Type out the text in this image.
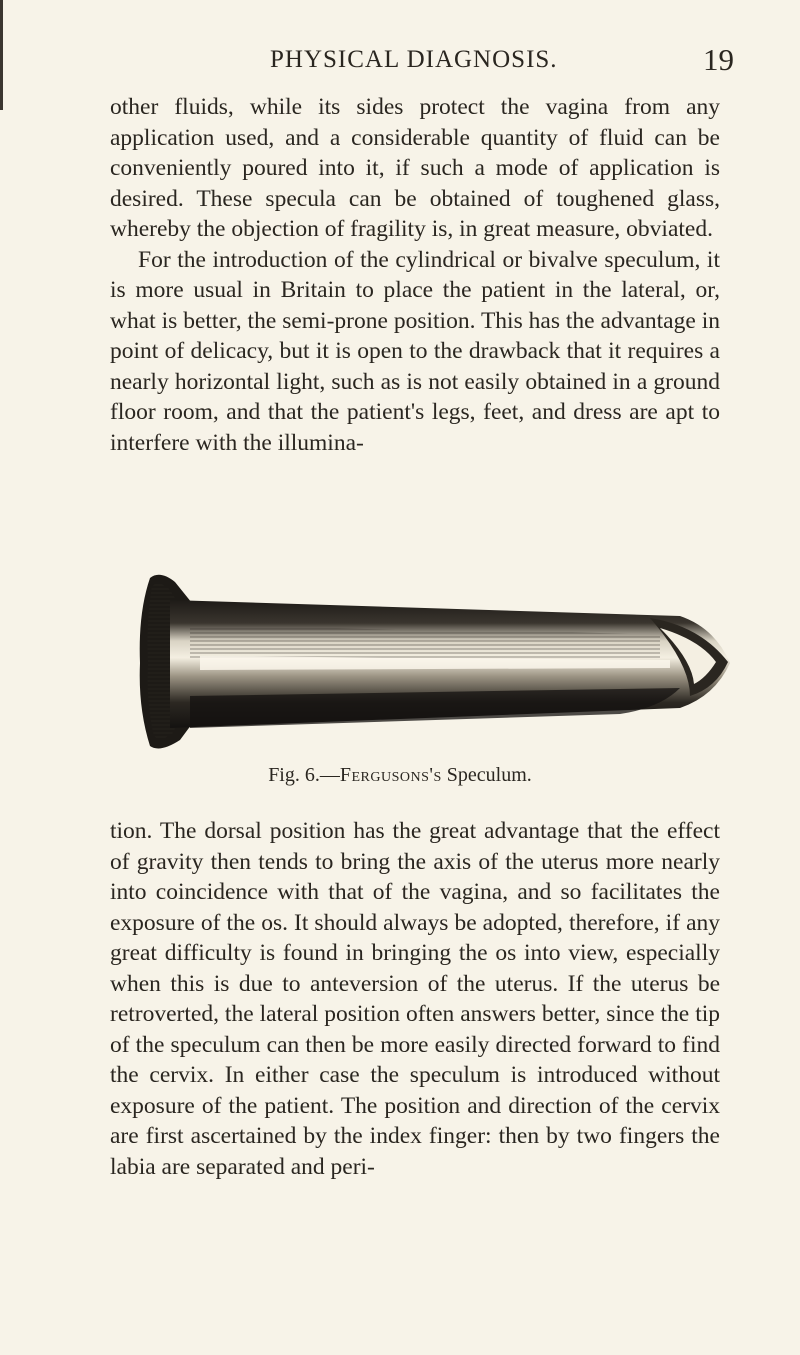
PHYSICAL DIAGNOSIS.	19

other fluids, while its sides protect the vagina from any application used, and a considerable quantity of fluid can be conveniently poured into it, if such a mode of application is desired. These specula can be obtained of toughened glass, whereby the objection of fragility is, in great measure, obviated.

For the introduction of the cylindrical or bivalve speculum, it is more usual in Britain to place the patient in the lateral, or, what is better, the semi-prone position. This has the advantage in point of delicacy, but it is open to the drawback that it requires a nearly horizontal light, such as is not easily obtained in a ground floor room, and that the patient's legs, feet, and dress are apt to interfere with the illumina-

Fig. 6.—Fergusons's Speculum.

tion. The dorsal position has the great advantage that the effect of gravity then tends to bring the axis of the uterus more nearly into coincidence with that of the vagina, and so facilitates the exposure of the os. It should always be adopted, therefore, if any great difficulty is found in bringing the os into view, especially when this is due to anteversion of the uterus. If the uterus be retroverted, the lateral position often answers better, since the tip of the speculum can then be more easily directed forward to find the cervix. In either case the speculum is introduced without exposure of the patient. The position and direction of the cervix are first ascertained by the index finger: then by two fingers the labia are separated and peri-
